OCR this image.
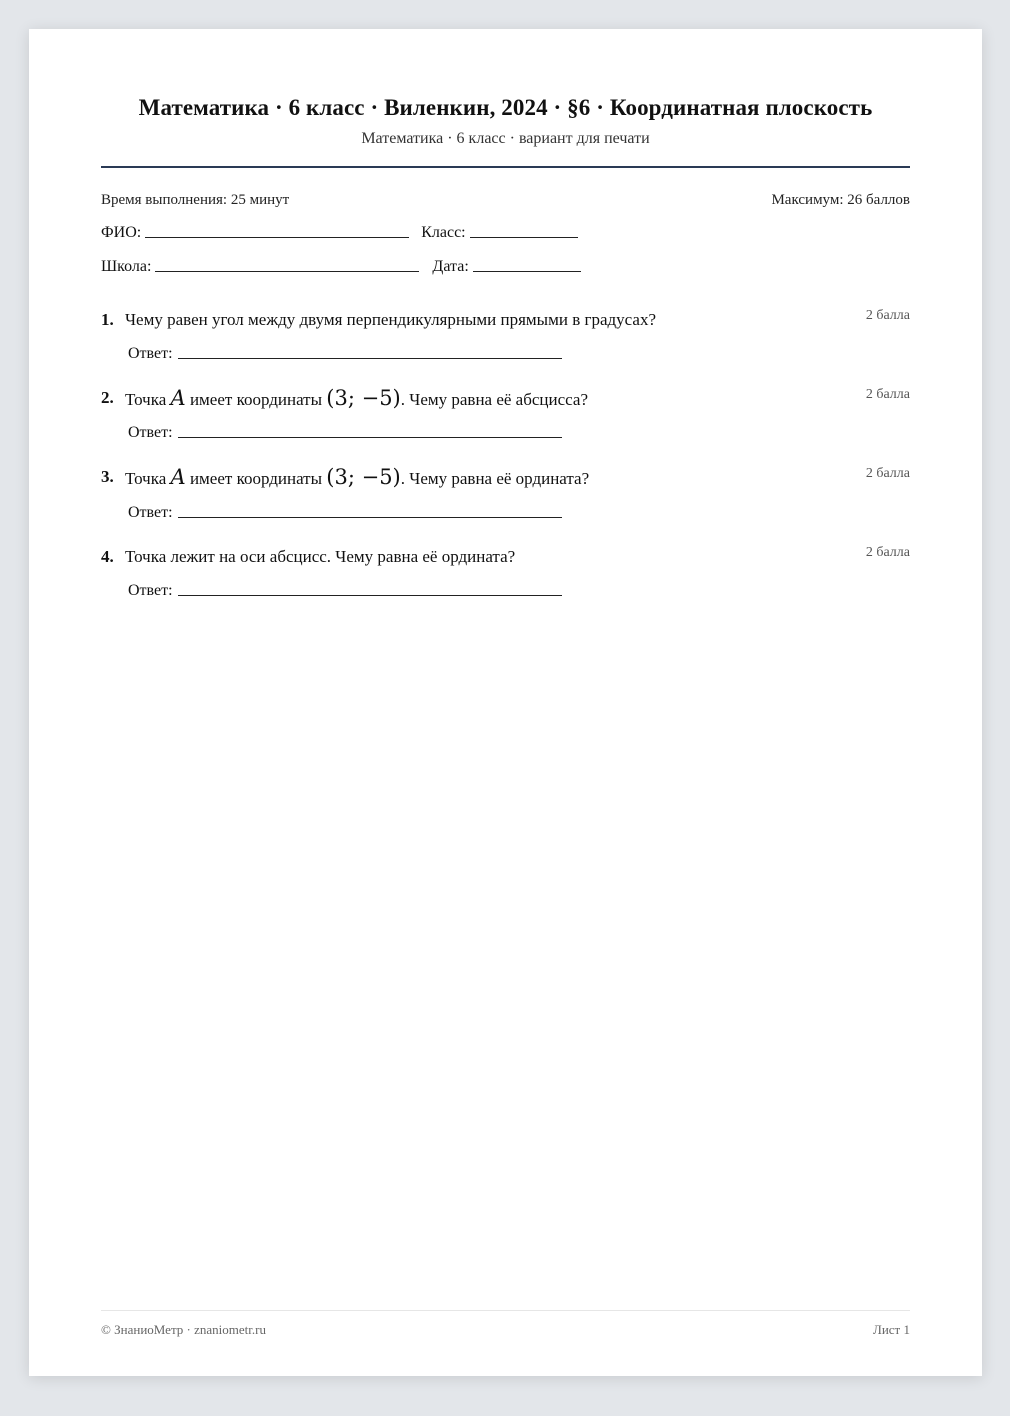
Математика · 6 класс · Виленкин, 2024 · §6 · Координатная плоскость
Математика · 6 класс · вариант для печати
Время выполнения: 25 минут	Максимум: 26 баллов
ФИО:	Класс:
Школа:	Дата:
1. Чему равен угол между двумя перпендикулярными прямыми в градусах?	2 балла
Ответ:
2. Точка A имеет координаты (3; −5). Чему равна её абсцисса?	2 балла
Ответ:
3. Точка A имеет координаты (3; −5). Чему равна её ордината?	2 балла
Ответ:
4. Точка лежит на оси абсцисс. Чему равна её ордината?	2 балла
Ответ:
© ЗнаниоМетр · znaniometr.ru	Лист 1
